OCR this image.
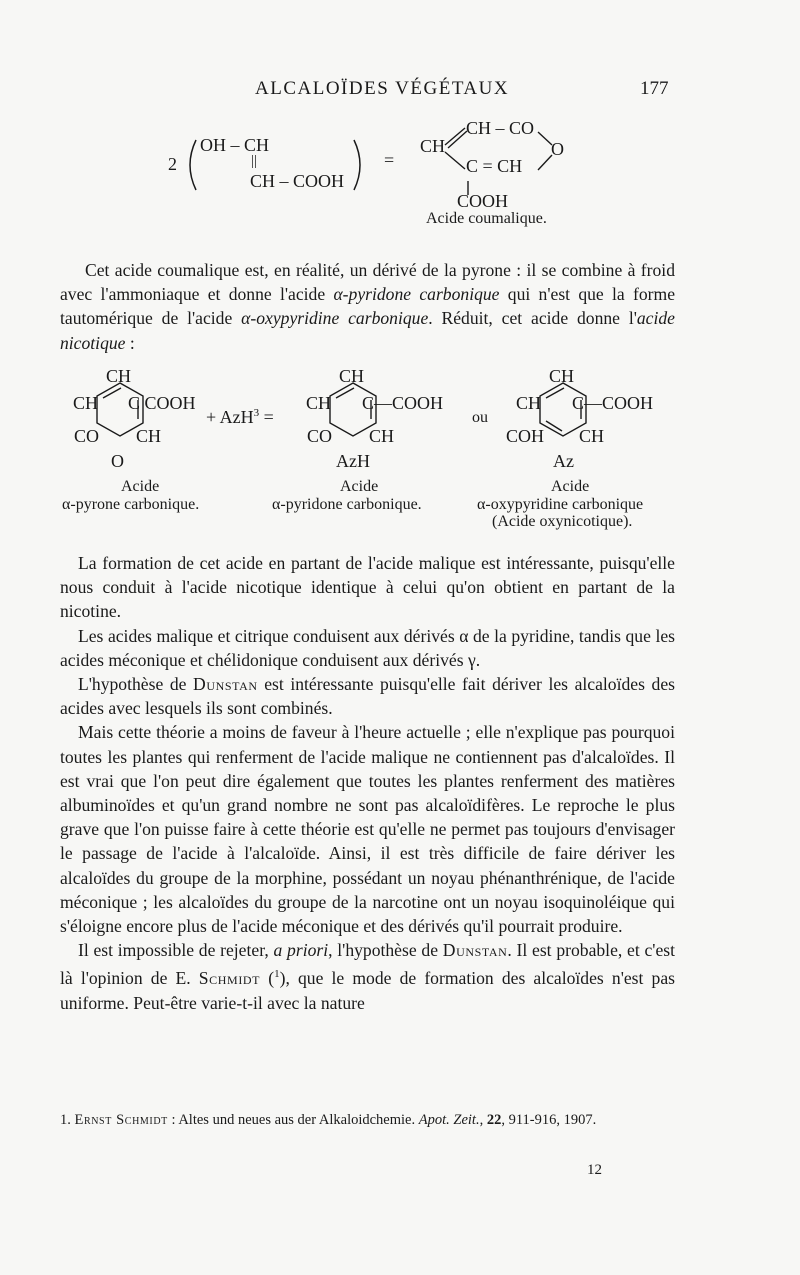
ALCALOÏDES VÉGÉTAUX	177
2
OH – CH
||
CH – COOH
=
CH
CH – CO
O
C = CH
COOH
Acide coumalique.

Cet acide coumalique est, en réalité, un dérivé de la pyrone : il se combine à froid avec l'ammoniaque et donne l'acide α-pyridone carbonique qui n'est que la forme tautomérique de l'acide α-oxypyridine carbonique. Réduit, cet acide donne l'acide nicotique :

CH
CH C COOH
CO CH
O
+ AzH$^3$ =
CH
CH C—COOH
CO CH
AzH
ou
CH
CH C—COOH
COH CH
Az
Acide
α-pyrone carbonique.
Acide
α-pyridone carbonique.
Acide
α-oxypyridine carbonique
(Acide oxynicotique).

La formation de cet acide en partant de l'acide malique est intéressante, puisqu'elle nous conduit à l'acide nicotique identique à celui qu'on obtient en partant de la nicotine.

Les acides malique et citrique conduisent aux dérivés α de la pyridine, tandis que les acides méconique et chélidonique conduisent aux dérivés γ.

L'hypothèse de Dunstan est intéressante puisqu'elle fait dériver les alcaloïdes des acides avec lesquels ils sont combinés.

Mais cette théorie a moins de faveur à l'heure actuelle ; elle n'explique pas pourquoi toutes les plantes qui renferment de l'acide malique ne contiennent pas d'alcaloïdes. Il est vrai que l'on peut dire également que toutes les plantes renferment des matières albuminoïdes et qu'un grand nombre ne sont pas alcaloïdifères. Le reproche le plus grave que l'on puisse faire à cette théorie est qu'elle ne permet pas toujours d'envisager le passage de l'acide à l'alcaloïde. Ainsi, il est très difficile de faire dériver les alcaloïdes du groupe de la morphine, possédant un noyau phénanthrénique, de l'acide méconique ; les alcaloïdes du groupe de la narcotine ont un noyau isoquinoléique qui s'éloigne encore plus de l'acide méconique et des dérivés qu'il pourrait produire.

Il est impossible de rejeter, a priori, l'hypothèse de Dunstan. Il est probable, et c'est là l'opinion de E. Schmidt ($^1$), que le mode de formation des alcaloïdes n'est pas uniforme. Peut-être varie-t-il avec la nature

1. Ernst Schmidt : Altes und neues aus der Alkaloidchemie. Apot. Zeit., 22, 911-916, 1907.
12
